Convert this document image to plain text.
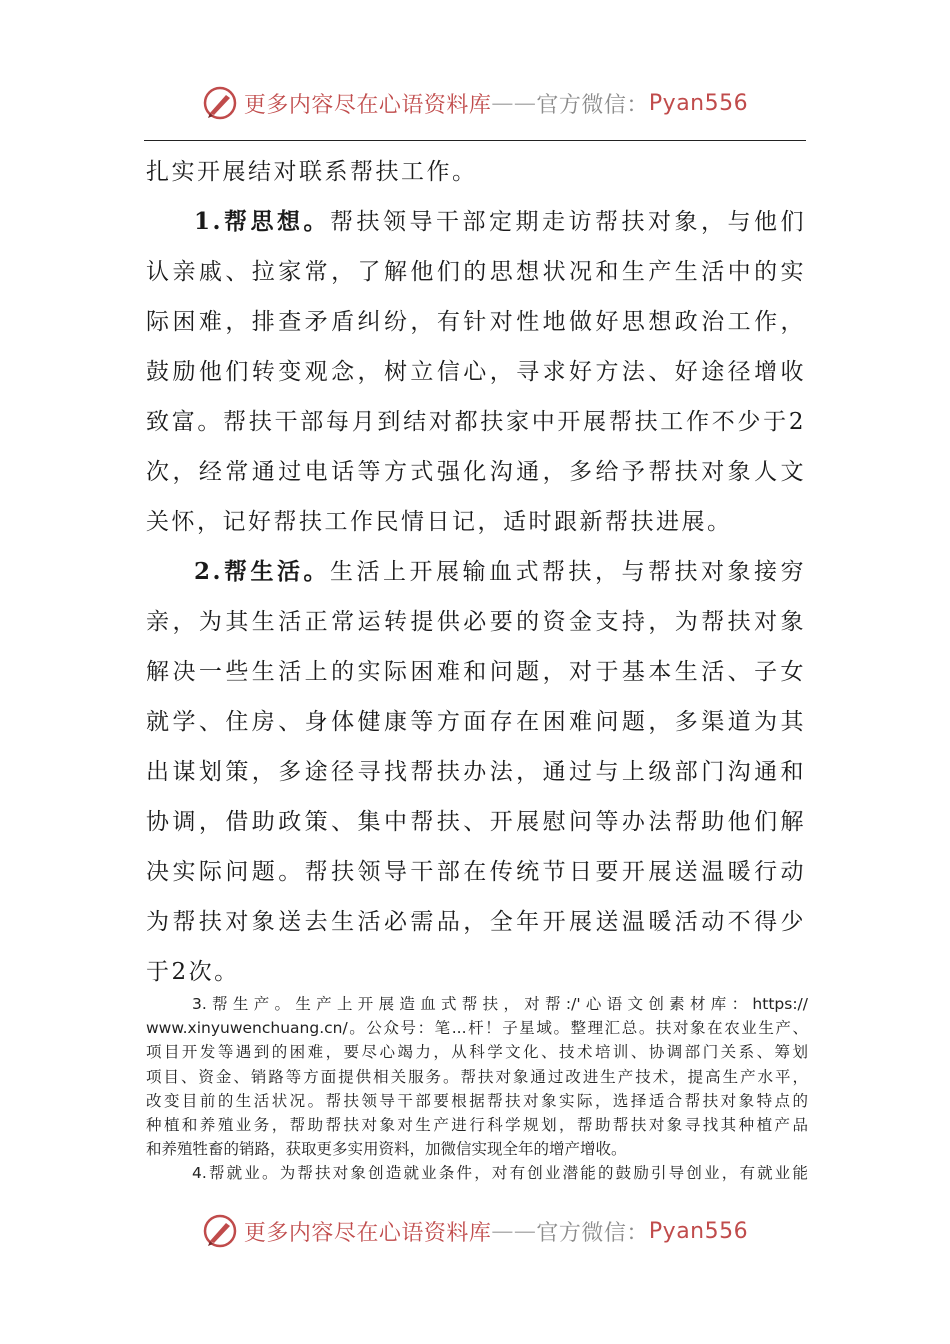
更多内容尽在心语资料库 —— 官方微信： Pyan556
扎实开展结对联系帮扶工作。
1.帮思想。帮扶领导干部定期走访帮扶对象，与他们
认亲戚、拉家常，了解他们的思想状况和生产生活中的实
际困难，排查矛盾纠纷，有针对性地做好思想政治工作，
鼓励他们转变观念，树立信心，寻求好方法、好途径增收
致富。帮扶干部每月到结对都扶家中开展帮扶工作不少于2
次，经常通过电话等方式强化沟通，多给予帮扶对象人文
关怀，记好帮扶工作民情日记，适时跟新帮扶进展。
2.帮生活。生活上开展输血式帮扶，与帮扶对象接穷
亲，为其生活正常运转提供必要的资金支持，为帮扶对象
解决一些生活上的实际困难和问题，对于基本生活、子女
就学、住房、身体健康等方面存在困难问题，多渠道为其
出谋划策，多途径寻找帮扶办法，通过与上级部门沟通和
协调，借助政策、集中帮扶、开展慰问等办法帮助他们解
决实际问题。帮扶领导干部在传统节日要开展送温暖行动
为帮扶对象送去生活必需品，全年开展送温暖活动不得少
于2次。
3.帮生产。生产上开展造血式帮扶，对帮:/'心语文创素材库：https://
www.xinyuwenchuang.cn/。公众号：笔...杆！子星域。整理汇总。扶对象在农业生产、
项目开发等遇到的困难，要尽心竭力，从科学文化、技术培训、协调部门关系、筹划
项目、资金、销路等方面提供相关服务。帮扶对象通过改进生产技术，提高生产水平，
改变目前的生活状况。帮扶领导干部要根据帮扶对象实际，选择适合帮扶对象特点的
种植和养殖业务，帮助帮扶对象对生产进行科学规划，帮助帮扶对象寻找其种植产品
和养殖牲畜的销路，获取更多实用资料，加微信实现全年的增产增收。
4.帮就业。为帮扶对象创造就业条件，对有创业潜能的鼓励引导创业，有就业能
更多内容尽在心语资料库 —— 官方微信： Pyan556
